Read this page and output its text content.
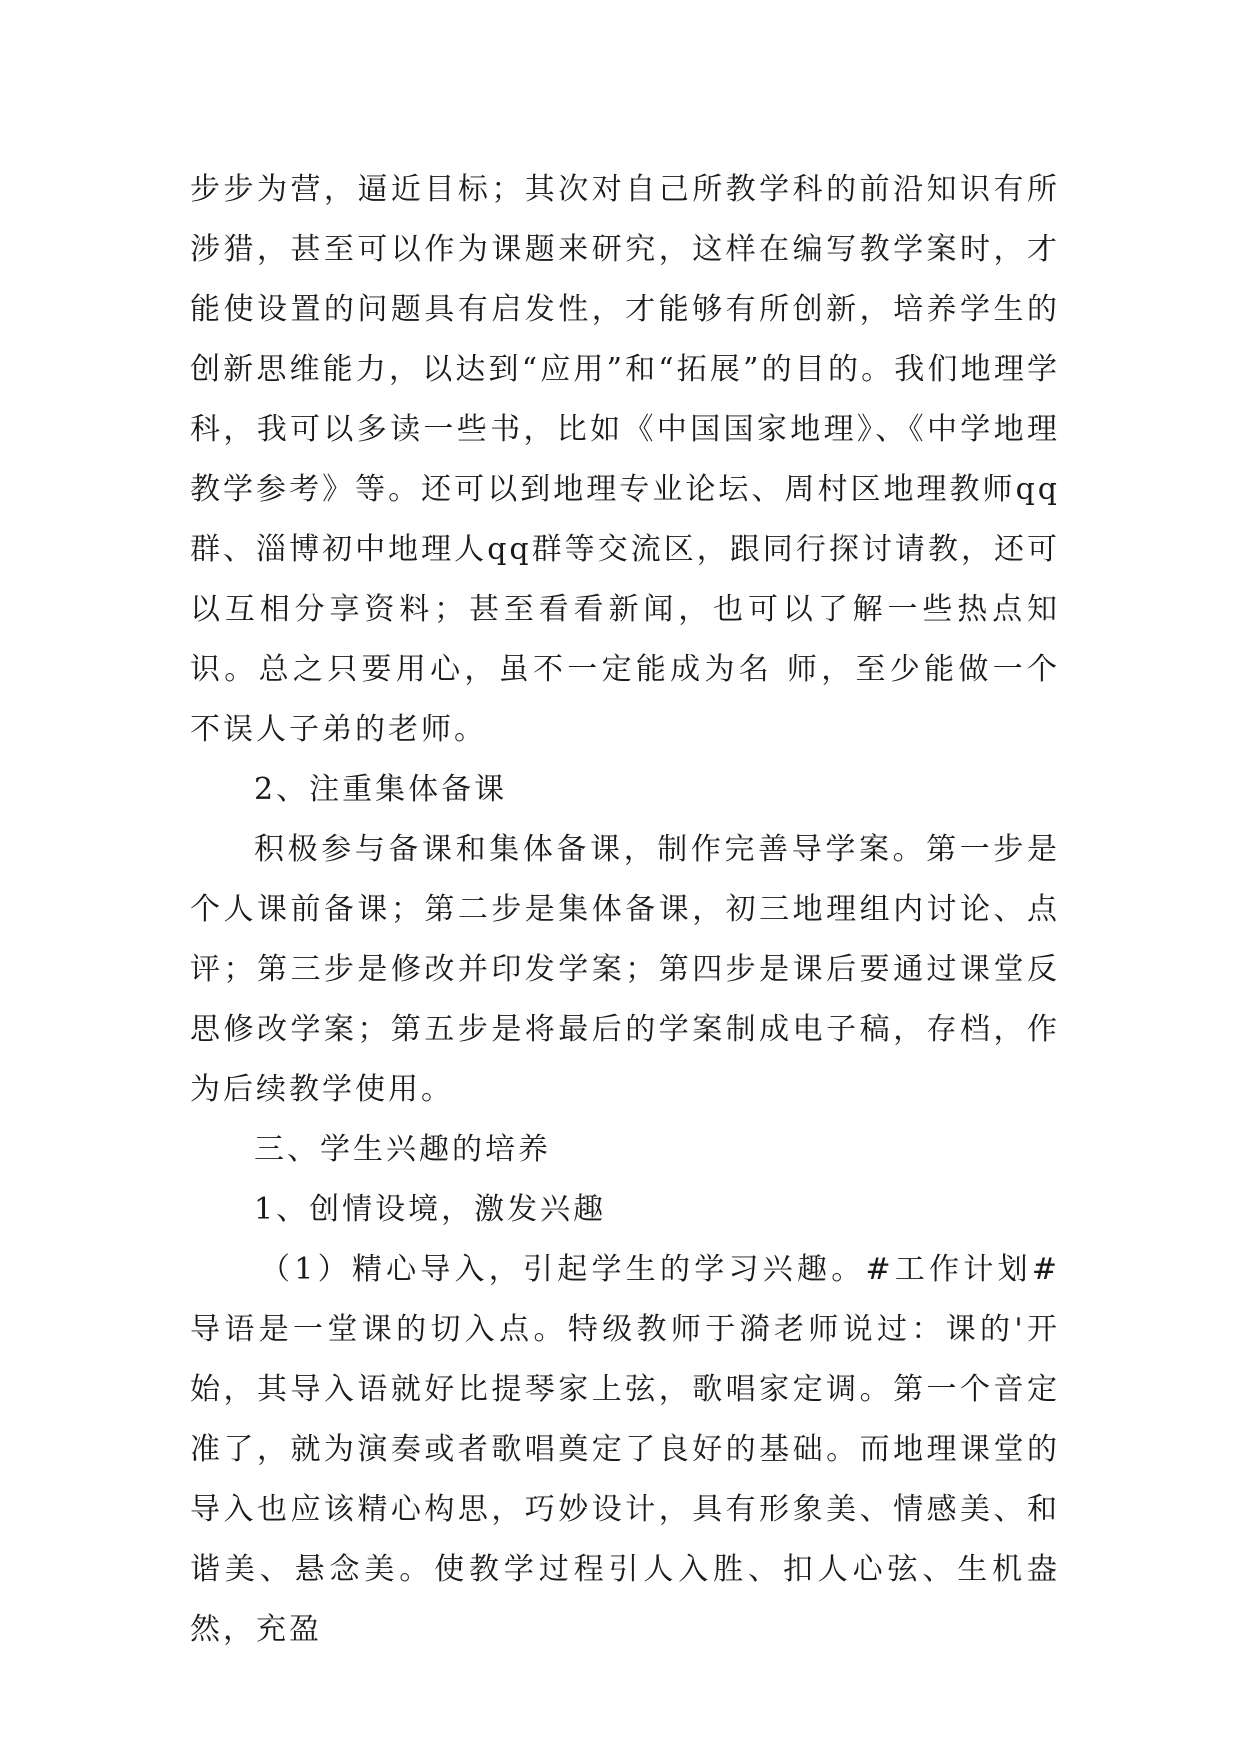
步步为营，逼近目标；其次对自己所教学科的前沿知识有所涉猎，甚至可以作为课题来研究，这样在编写教学案时，才能使设置的问题具有启发性，才能够有所创新，培养学生的创新思维能力，以达到“应用”和“拓展”的目的。我们地理学科，我可以多读一些书，比如《中国国家地理》、《中学地理教学参考》等。还可以到地理专业论坛、周村区地理教师qq群、淄博初中地理人qq群等交流区，跟同行探讨请教，还可以互相分享资料；甚至看看新闻，也可以了解一些热点知识。总之只要用心，虽不一定能成为名 师，至少能做一个不误人子弟的老师。

2、注重集体备课

积极参与备课和集体备课，制作完善导学案。第一步是个人课前备课；第二步是集体备课，初三地理组内讨论、点评；第三步是修改并印发学案；第四步是课后要通过课堂反思修改学案；第五步是将最后的学案制成电子稿，存档，作为后续教学使用。

三、学生兴趣的培养

1、创情设境，激发兴趣

（1）精心导入，引起学生的学习兴趣。#工作计划# 导语是一堂课的切入点。特级教师于漪老师说过：课的'开始，其导入语就好比提琴家上弦，歌唱家定调。第一个音定准了，就为演奏或者歌唱奠定了良好的基础。而地理课堂的导入也应该精心构思，巧妙设计，具有形象美、情感美、和谐美、悬念美。使教学过程引人入胜、扣人心弦、生机盎然，充盈
